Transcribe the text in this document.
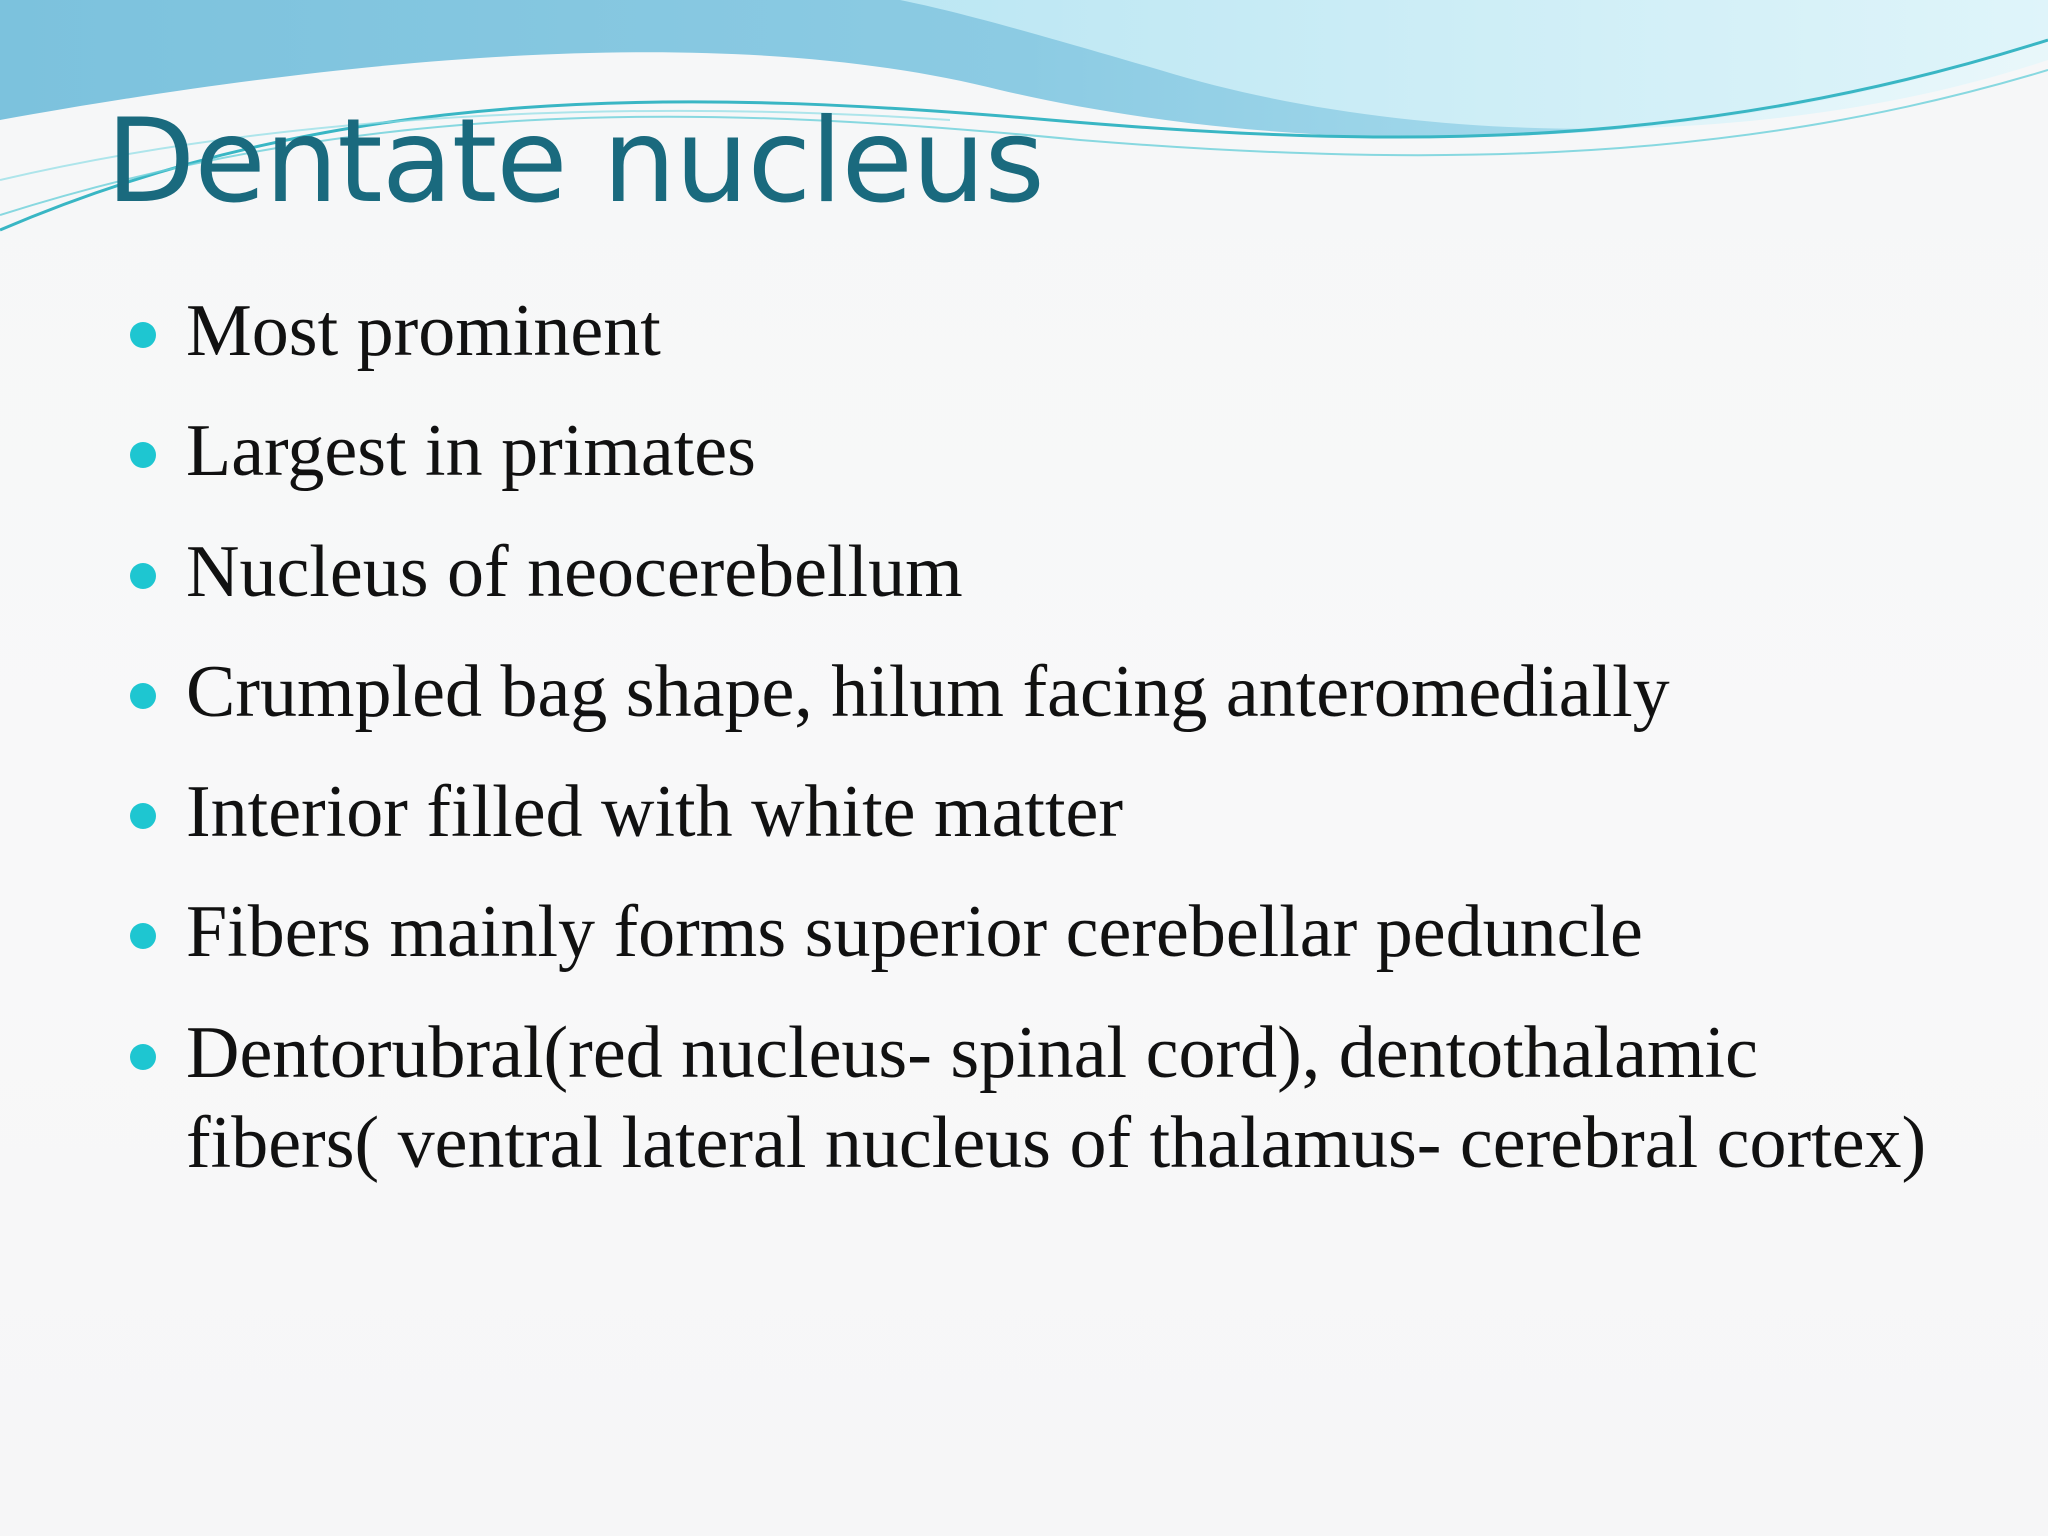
Dentate nucleus
Most prominent
Largest in primates
Nucleus of neocerebellum
Crumpled bag shape, hilum facing anteromedially
Interior filled with white matter
Fibers mainly forms superior cerebellar peduncle
Dentorubral(red nucleus- spinal cord), dentothalamic fibers( ventral lateral nucleus of thalamus- cerebral cortex)
